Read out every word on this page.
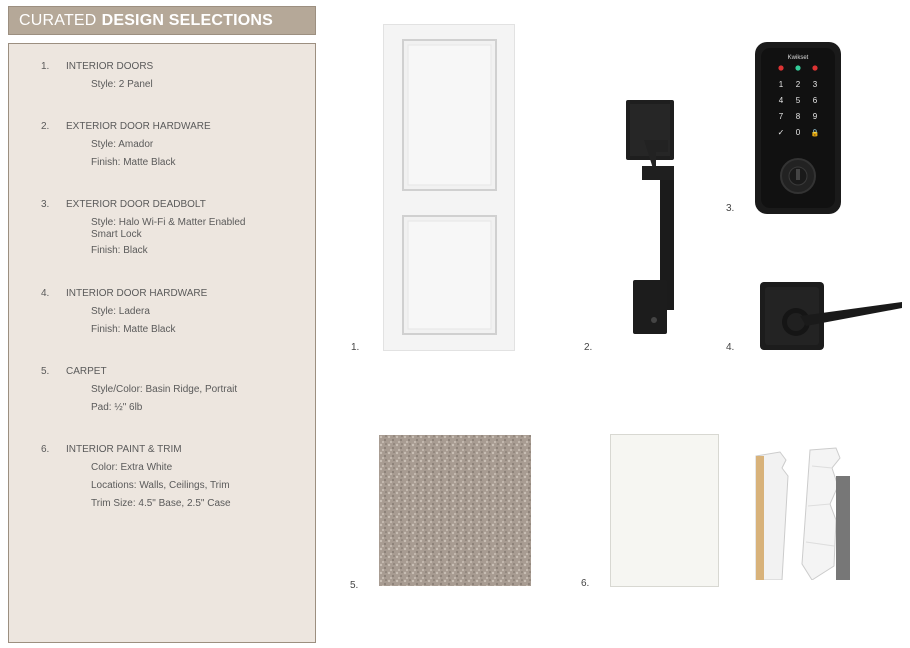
CURATED DESIGN SELECTIONS
1. INTERIOR DOORS
Style: 2 Panel
2. EXTERIOR DOOR HARDWARE
Style: Amador
Finish: Matte Black
3. EXTERIOR DOOR DEADBOLT
Style: Halo Wi-Fi & Matter Enabled Smart Lock
Finish: Black
4. INTERIOR DOOR HARDWARE
Style: Ladera
Finish: Matte Black
5. CARPET
Style/Color: Basin Ridge, Portrait
Pad: ½" 6lb
6. INTERIOR PAINT & TRIM
Color: Extra White
Locations: Walls, Ceilings, Trim
Trim Size: 4.5" Base, 2.5" Case
1.	2.
Kwikset
1 2 3
4 5 6
7 8 9
✓ 0 🔒
3.
4.
5.	6.
